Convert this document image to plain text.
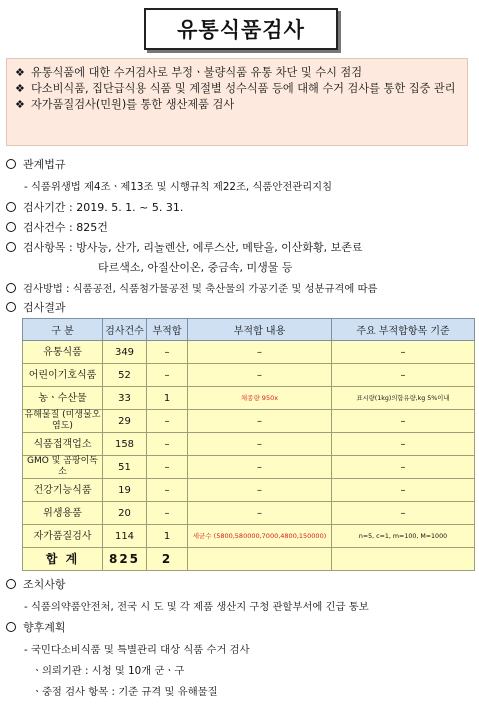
유통식품검사
❖ 유통식품에 대한 수거검사로 부정ㆍ불량식품 유통 차단 및 수시 점검
❖ 다소비식품, 집단급식용 식품 및 계절별 성수식품 등에 대해 수거 검사를 통한 집중 관리
❖ 자가품질검사(민원)를 통한 생산제품 검사
관계법규
- 식품위생법 제4조ㆍ제13조 및 시행규칙 제22조, 식품안전관리지침
검사기간 : 2019. 5. 1. ~ 5. 31.
검사건수 : 825건
검사항목 : 방사능, 산가, 리놀렌산, 에루스산, 메탄올, 이산화황, 보존료
타르색소, 아질산이온, 중금속, 미생물 등
검사방법 : 식품공전, 식품첨가물공전 및 축산물의 가공기준 및 성분규격에 따름
검사결과
구 분	검사건수	부적합	부적합 내용	주요 부적합항목 기준
유통식품	349	–	–	–
어린이기호식품	52	–	–	–
농ㆍ수산물	33	1	채종량 950x	표시량(1kg)의함유량,kg 5%이내
유해물질 (미생물오염도)	29	–	–	–
식품접객업소	158	–	–	–
GMO 및 곰팡이독소	51	–	–	–
건강기능식품	19	–	–	–
위생용품	20	–	–	–
자가품질검사	114	1	세균수 (5800,580000,7000,4800,150000)	n=5, c=1, m=100, M=1000
합 계	825	2		
조치사항
- 식품의약품안전처, 전국 시 도 및 각 제품 생산지 구청 관할부서에 긴급 통보
향후계획
- 국민다소비식품 및 특별관리 대상 식품 수거 검사
ㆍ의뢰기관 : 시청 및 10개 군ㆍ구
ㆍ중점 검사 항목 : 기준 규격 및 유해물질
